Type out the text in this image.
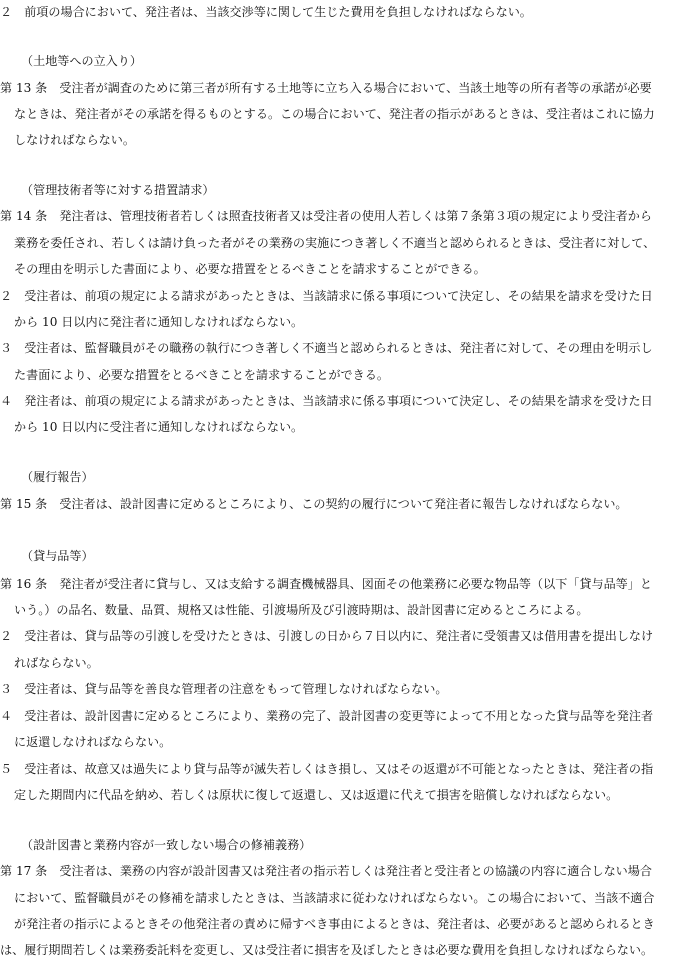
２　前項の場合において、発注者は、当該交渉等に関して生じた費用を負担しなければならない。
（土地等への立入り）
第 13 条　受注者が調査のために第三者が所有する土地等に立ち入る場合において、当該土地等の所有者等の承諾が必要
なときは、発注者がその承諾を得るものとする。この場合において、発注者の指示があるときは、受注者はこれに協力
しなければならない。
（管理技術者等に対する措置請求）
第 14 条　発注者は、管理技術者若しくは照査技術者又は受注者の使用人若しくは第７条第３項の規定により受注者から
業務を委任され、若しくは請け負った者がその業務の実施につき著しく不適当と認められるときは、受注者に対して、
その理由を明示した書面により、必要な措置をとるべきことを請求することができる。
２　受注者は、前項の規定による請求があったときは、当該請求に係る事項について決定し、その結果を請求を受けた日
から 10 日以内に発注者に通知しなければならない。
３　受注者は、監督職員がその職務の執行につき著しく不適当と認められるときは、発注者に対して、その理由を明示し
た書面により、必要な措置をとるべきことを請求することができる。
４　発注者は、前項の規定による請求があったときは、当該請求に係る事項について決定し、その結果を請求を受けた日
から 10 日以内に受注者に通知しなければならない。
（履行報告）
第 15 条　受注者は、設計図書に定めるところにより、この契約の履行について発注者に報告しなければならない。
（貸与品等）
第 16 条　発注者が受注者に貸与し、又は支給する調査機械器具、図面その他業務に必要な物品等（以下「貸与品等」と
いう。）の品名、数量、品質、規格又は性能、引渡場所及び引渡時期は、設計図書に定めるところによる。
２　受注者は、貸与品等の引渡しを受けたときは、引渡しの日から７日以内に、発注者に受領書又は借用書を提出しなけ
ればならない。
３　受注者は、貸与品等を善良な管理者の注意をもって管理しなければならない。
４　受注者は、設計図書に定めるところにより、業務の完了、設計図書の変更等によって不用となった貸与品等を発注者
に返還しなければならない。
５　受注者は、故意又は過失により貸与品等が滅失若しくはき損し、又はその返還が不可能となったときは、発注者の指
定した期間内に代品を納め、若しくは原状に復して返還し、又は返還に代えて損害を賠償しなければならない。
（設計図書と業務内容が一致しない場合の修補義務）
第 17 条　受注者は、業務の内容が設計図書又は発注者の指示若しくは発注者と受注者との協議の内容に適合しない場合
において、監督職員がその修補を請求したときは、当該請求に従わなければならない。この場合において、当該不適合
が発注者の指示によるときその他発注者の責めに帰すべき事由によるときは、発注者は、必要があると認められるとき
は、履行期間若しくは業務委託料を変更し、又は受注者に損害を及ぼしたときは必要な費用を負担しなければならない。
